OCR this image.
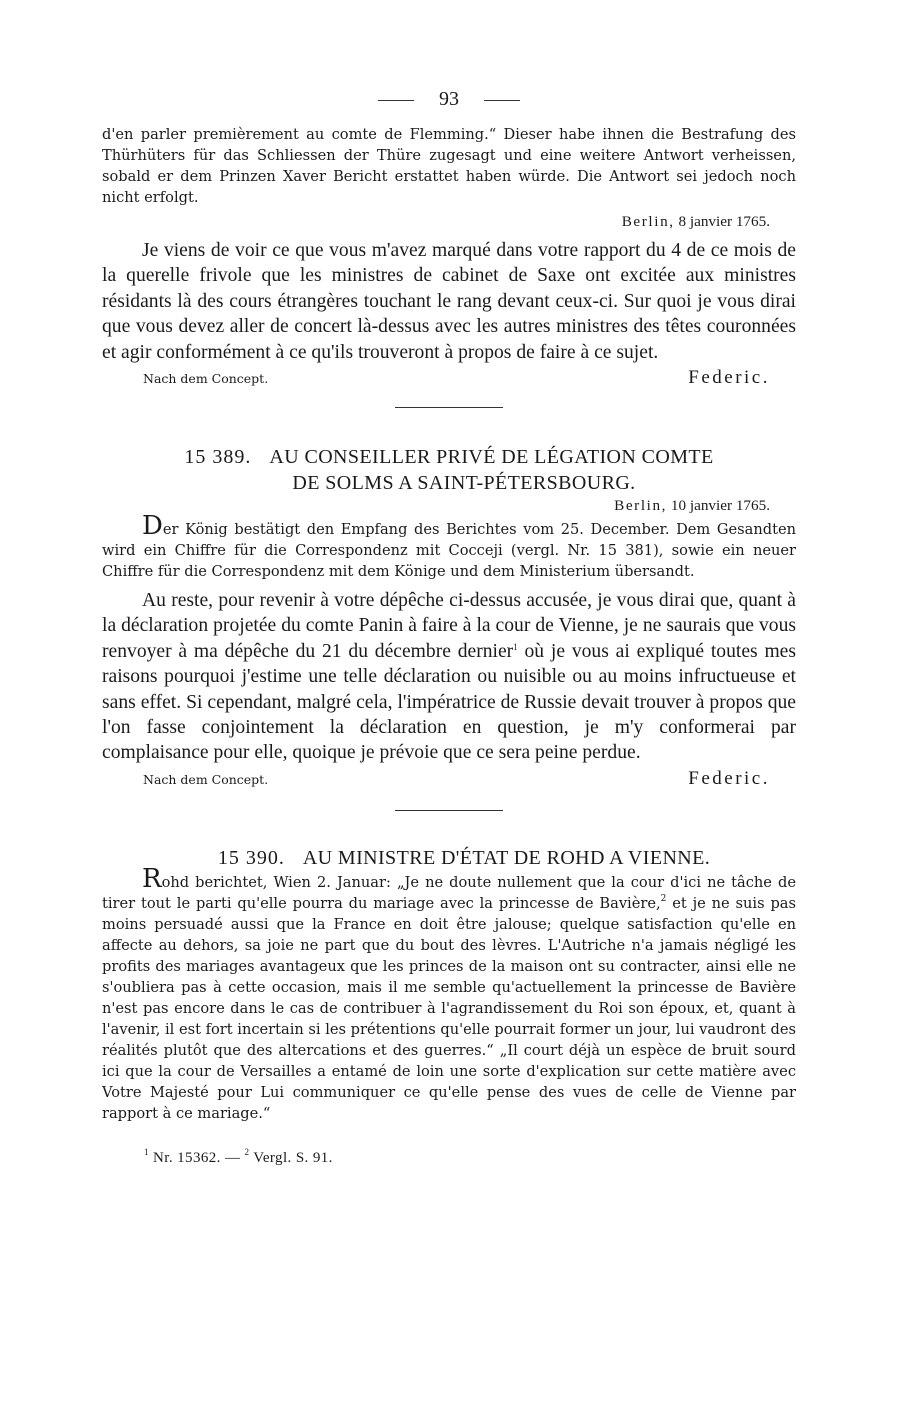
93

d'en parler premièrement au comte de Flemming.“ Dieser habe ihnen die Bestrafung des Thürhüters für das Schliessen der Thüre zugesagt und eine weitere Antwort verheissen, sobald er dem Prinzen Xaver Bericht erstattet haben würde. Die Antwort sei jedoch noch nicht erfolgt.

Berlin, 8 janvier 1765.

Je viens de voir ce que vous m'avez marqué dans votre rapport du 4 de ce mois de la querelle frivole que les ministres de cabinet de Saxe ont excitée aux ministres résidants là des cours étrangères touchant le rang devant ceux-ci. Sur quoi je vous dirai que vous devez aller de concert là-dessus avec les autres ministres des têtes couronnées et agir conformément à ce qu'ils trouveront à propos de faire à ce sujet.

Nach dem Concept.	Federic.
15 389. AU CONSEILLER PRIVÉ DE LÉGATION COMTE
DE SOLMS A SAINT-PÉTERSBOURG.
Berlin, 10 janvier 1765.

Der König bestätigt den Empfang des Berichtes vom 25. December. Dem Gesandten wird ein Chiffre für die Correspondenz mit Cocceji (vergl. Nr. 15 381), sowie ein neuer Chiffre für die Correspondenz mit dem Könige und dem Ministerium übersandt.

Au reste, pour revenir à votre dépêche ci-dessus accusée, je vous dirai que, quant à la déclaration projetée du comte Panin à faire à la cour de Vienne, je ne saurais que vous renvoyer à ma dépêche du 21 du décembre dernier$^1$ où je vous ai expliqué toutes mes raisons pourquoi j'estime une telle déclaration ou nuisible ou au moins infructueuse et sans effet. Si cependant, malgré cela, l'impératrice de Russie devait trouver à propos que l'on fasse conjointement la déclaration en question, je m'y conformerai par complaisance pour elle, quoique je prévoie que ce sera peine perdue.

Nach dem Concept.	Federic.
15 390. AU MINISTRE D'ÉTAT DE ROHD A VIENNE.

Rohd berichtet, Wien 2. Januar: „Je ne doute nullement que la cour d'ici ne tâche de tirer tout le parti qu'elle pourra du mariage avec la princesse de Bavière,$^2$ et je ne suis pas moins persuadé aussi que la France en doit être jalouse; quelque satisfaction qu'elle en affecte au dehors, sa joie ne part que du bout des lèvres. L'Autriche n'a jamais négligé les profits des mariages avantageux que les princes de la maison ont su contracter, ainsi elle ne s'oubliera pas à cette occasion, mais il me semble qu'actuellement la princesse de Bavière n'est pas encore dans le cas de contribuer à l'agrandissement du Roi son époux, et, quant à l'avenir, il est fort incertain si les prétentions qu'elle pourrait former un jour, lui vaudront des réalités plutôt que des altercations et des guerres.“ „Il court déjà un espèce de bruit sourd ici que la cour de Versailles a entamé de loin une sorte d'explication sur cette matière avec Votre Majesté pour Lui communiquer ce qu'elle pense des vues de celle de Vienne par rapport à ce mariage.“

$^1$ Nr. 15362. — $^2$ Vergl. S. 91.
